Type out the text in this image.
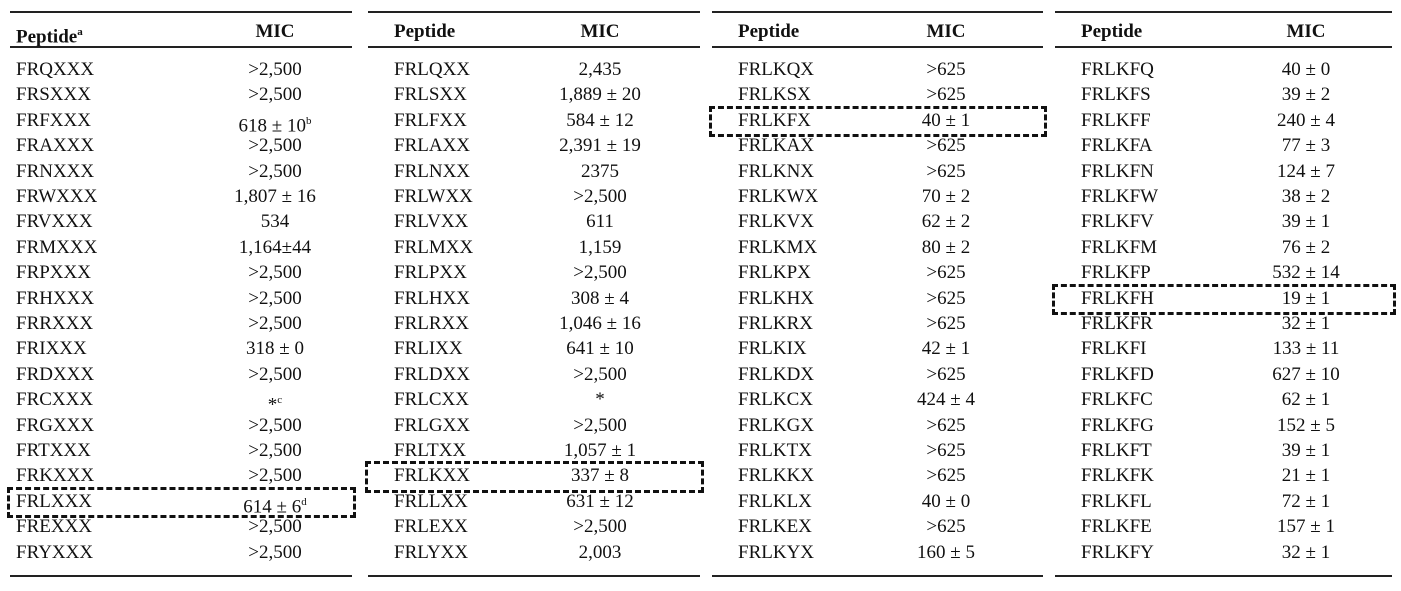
Peptide$^a$	MIC
FRQXXX	>2,500
FRSXXX	>2,500
FRFXXX	$618 \pm 10^b$
FRAXXX	>2,500
FRNXXX	>2,500
FRWXXX	1,807 ± 16
FRVXXX	534
FRMXXX	1,164±44
FRPXXX	>2,500
FRHXXX	>2,500
FRRXXX	>2,500
FRIXXX	318 ± 0
FRDXXX	>2,500
FRCXXX	*$^c$
FRGXXX	>2,500
FRTXXX	>2,500
FRKXXX	>2,500
FRLXXX	$614 \pm 6^d$
FREXXX	>2,500
FRYXXX	>2,500
Peptide	MIC
FRLQXX	2,435
FRLSXX	1,889 ± 20
FRLFXX	584 ± 12
FRLAXX	2,391 ± 19
FRLNXX	2375
FRLWXX	>2,500
FRLVXX	611
FRLMXX	1,159
FRLPXX	>2,500
FRLHXX	308 ± 4
FRLRXX	1,046 ± 16
FRLIXX	641 ± 10
FRLDXX	>2,500
FRLCXX	*
FRLGXX	>2,500
FRLTXX	1,057 ± 1
FRLKXX	337 ± 8
FRLLXX	631 ± 12
FRLEXX	>2,500
FRLYXX	2,003
Peptide	MIC
FRLKQX	>625
FRLKSX	>625
FRLKFX	40 ± 1
FRLKAX	>625
FRLKNX	>625
FRLKWX	70 ± 2
FRLKVX	62 ± 2
FRLKMX	80 ± 2
FRLKPX	>625
FRLKHX	>625
FRLKRX	>625
FRLKIX	42 ± 1
FRLKDX	>625
FRLKCX	424 ± 4
FRLKGX	>625
FRLKTX	>625
FRLKKX	>625
FRLKLX	40 ± 0
FRLKEX	>625
FRLKYX	160 ± 5
Peptide	MIC
FRLKFQ	40 ± 0
FRLKFS	39 ± 2
FRLKFF	240 ± 4
FRLKFA	77 ± 3
FRLKFN	124 ± 7
FRLKFW	38 ± 2
FRLKFV	39 ± 1
FRLKFM	76 ± 2
FRLKFP	532 ± 14
FRLKFH	19 ± 1
FRLKFR	32 ± 1
FRLKFI	133 ± 11
FRLKFD	627 ± 10
FRLKFC	62 ± 1
FRLKFG	152 ± 5
FRLKFT	39 ± 1
FRLKFK	21 ± 1
FRLKFL	72 ± 1
FRLKFE	157 ± 1
FRLKFY	32 ± 1
